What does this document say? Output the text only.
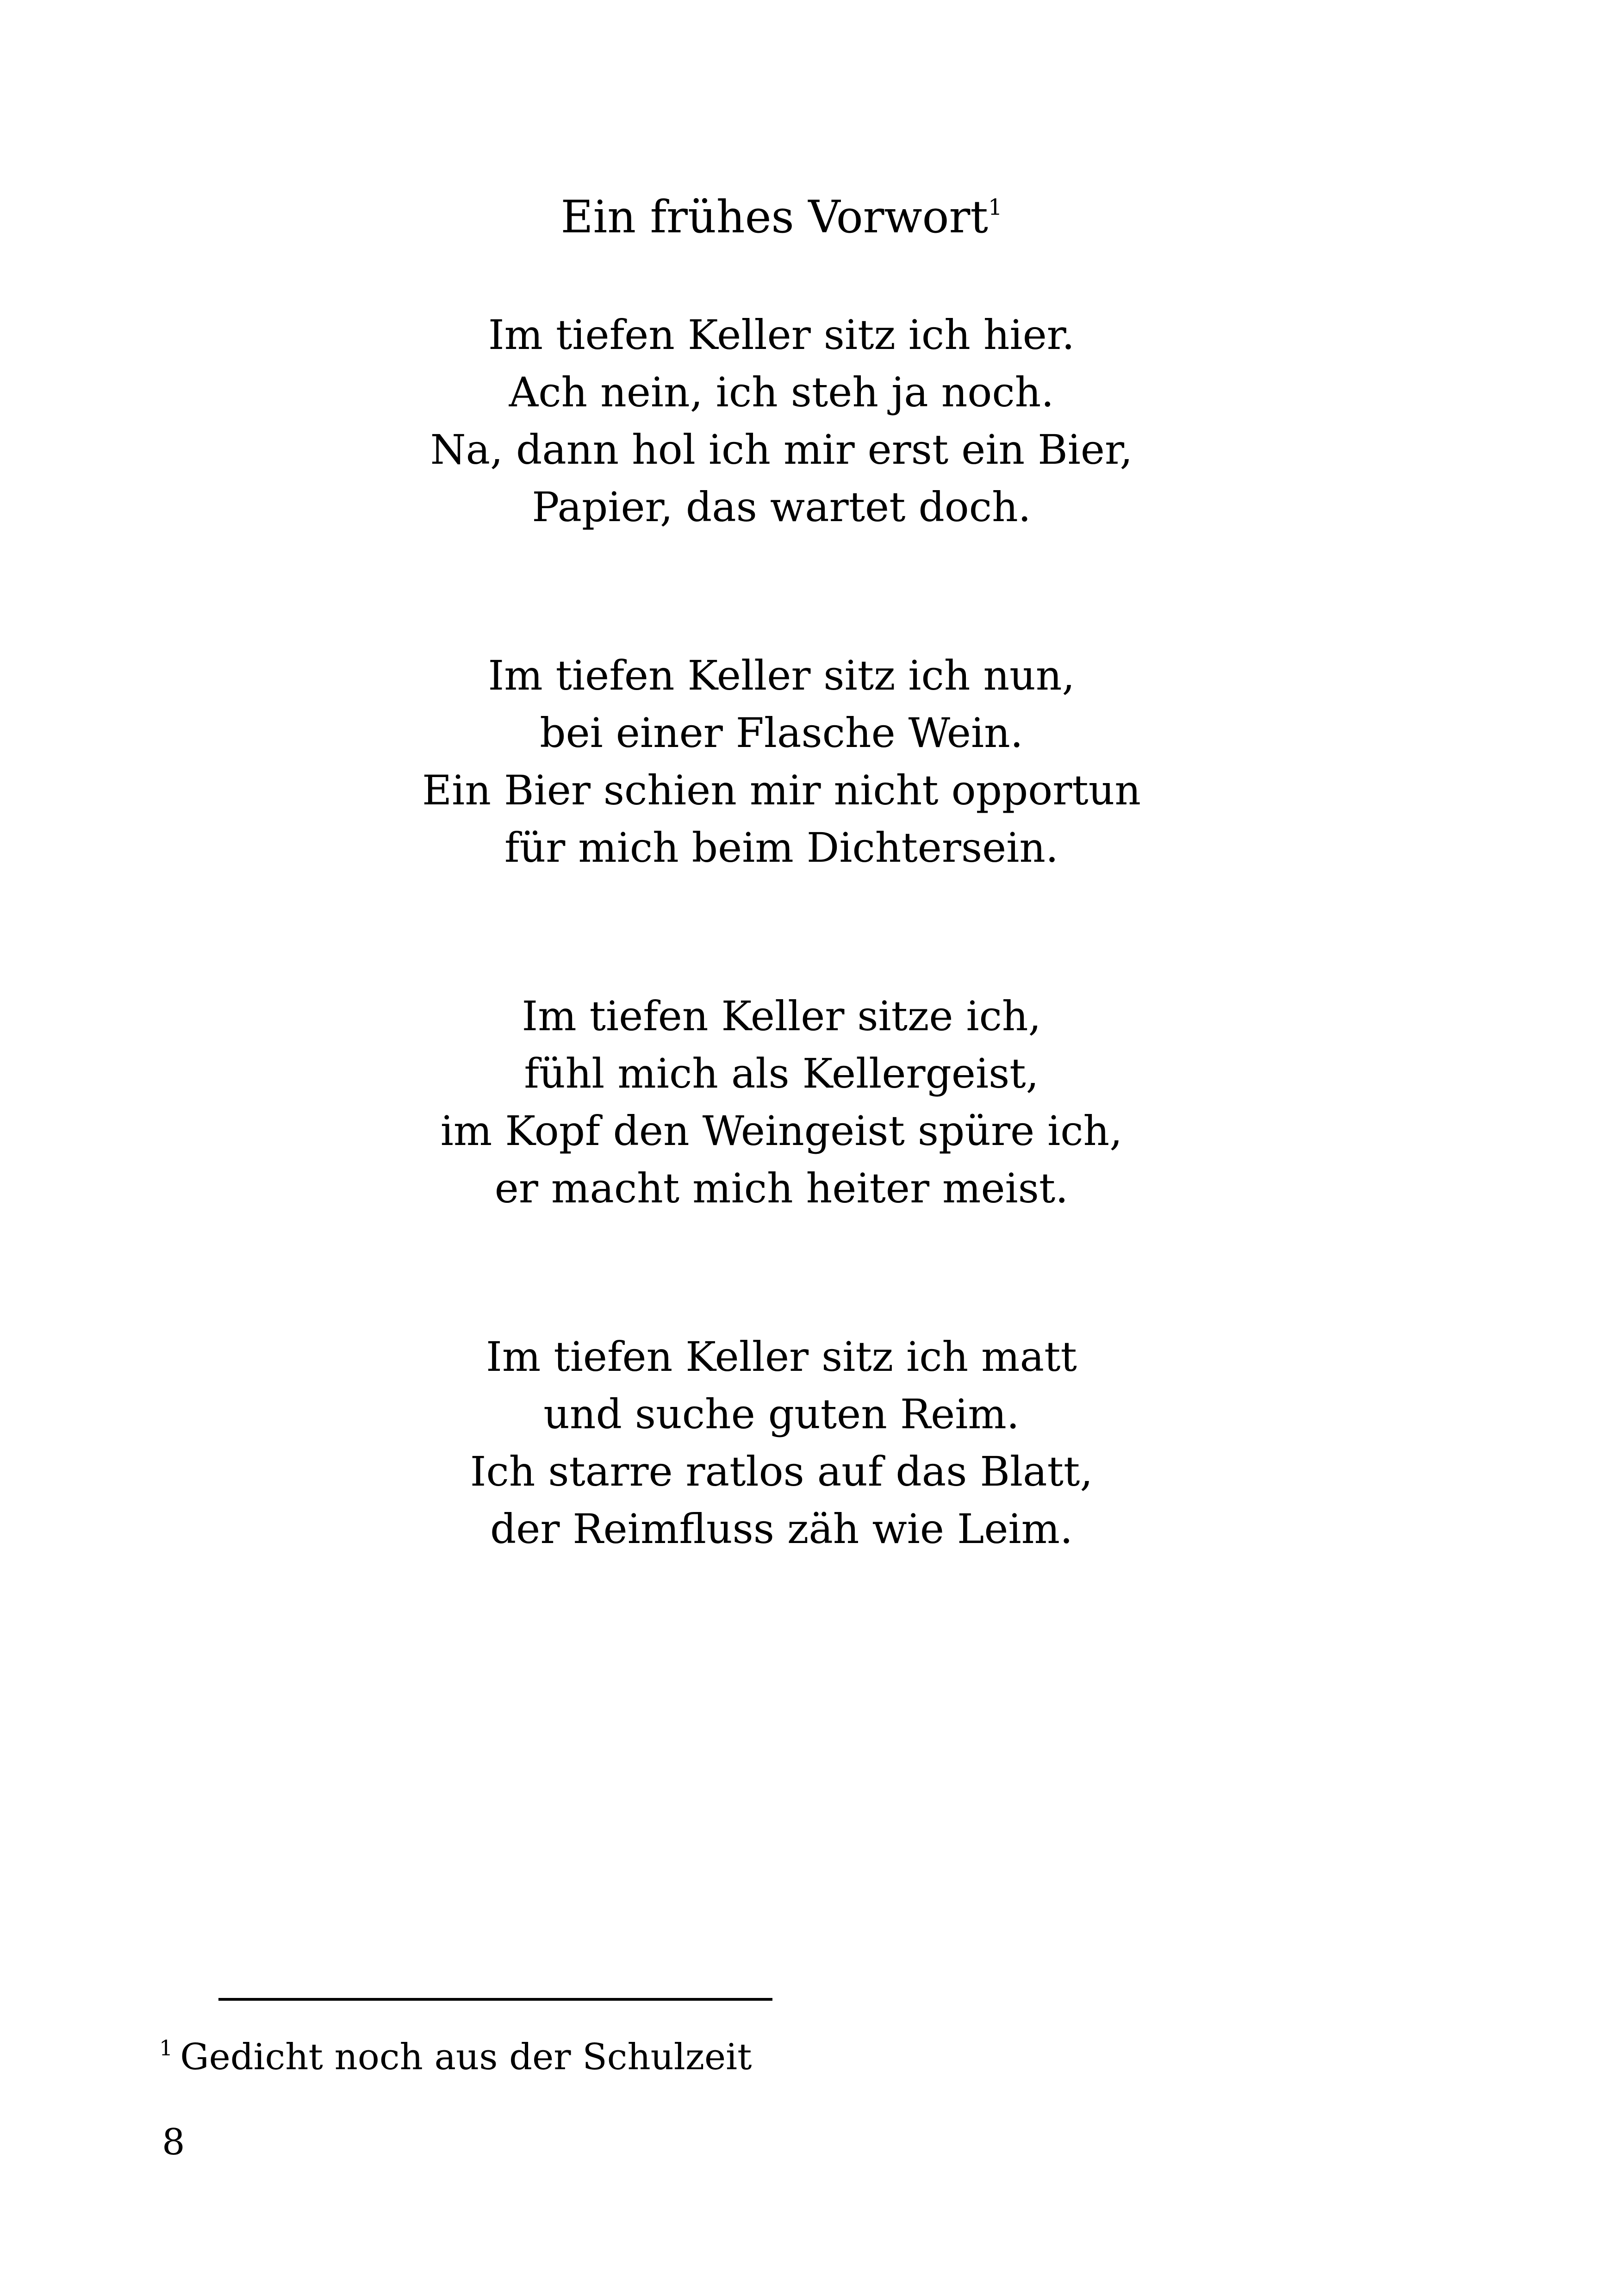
Ein frühes Vorwort$^1$
Im tiefen Keller sitz ich hier.
Ach nein, ich steh ja noch.
Na, dann hol ich mir erst ein Bier,
Papier, das wartet doch.
Im tiefen Keller sitz ich nun,
bei einer Flasche Wein.
Ein Bier schien mir nicht opportun
für mich beim Dichtersein.
Im tiefen Keller sitze ich,
fühl mich als Kellergeist,
im Kopf den Weingeist spüre ich,
er macht mich heiter meist.
Im tiefen Keller sitz ich matt
und suche guten Reim.
Ich starre ratlos auf das Blatt,
der Reimfluss zäh wie Leim.
$^1$ Gedicht noch aus der Schulzeit
8
